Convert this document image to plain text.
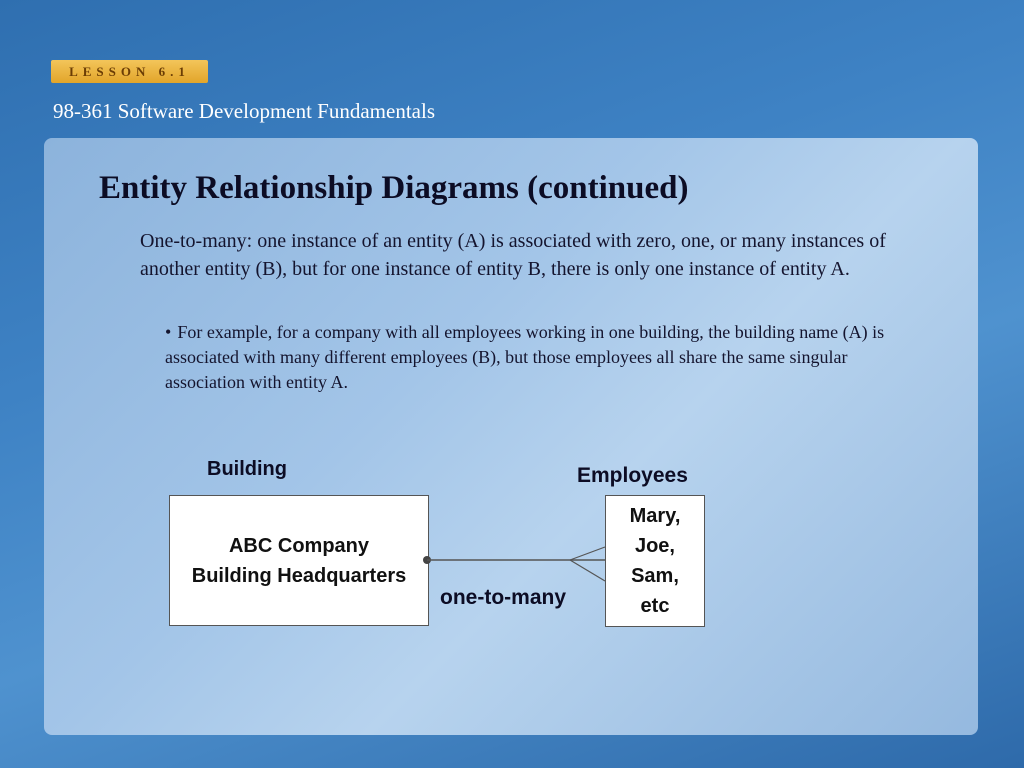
LESSON 6.1
98-361 Software Development Fundamentals
Entity Relationship Diagrams (continued)

One-to-many: one instance of an entity (A) is associated with zero, one, or many instances of another entity (B), but for one instance of entity B, there is only one instance of entity A.

• For example, for a company with all employees working in one building, the building name (A) is associated with many different employees (B), but those employees all share the same singular association with entity A.

Building	Employees
ABC Company
Building Headquarters
Mary,
Joe,
Sam,
etc
one-to-many
